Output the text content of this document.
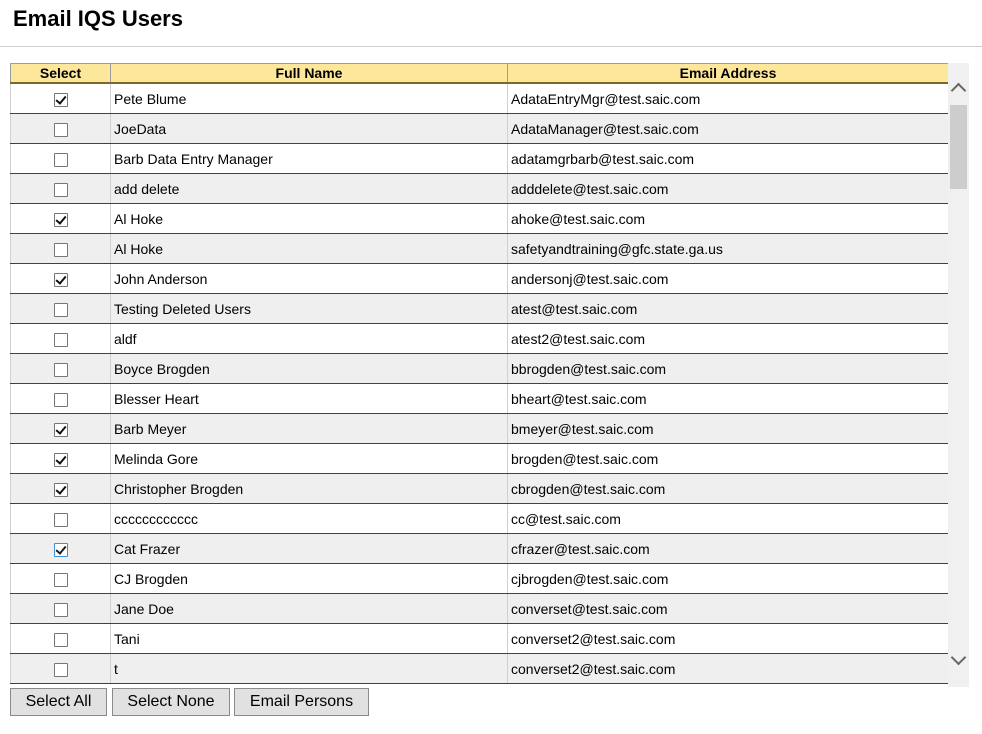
Email IQS Users
Select	Full Name	Email Address
	Pete Blume	AdataEntryMgr@test.saic.com
	JoeData	AdataManager@test.saic.com
	Barb Data Entry Manager	adatamgrbarb@test.saic.com
	add delete	adddelete@test.saic.com
	Al Hoke	ahoke@test.saic.com
	Al Hoke	safetyandtraining@gfc.state.ga.us
	John Anderson	andersonj@test.saic.com
	Testing Deleted Users	atest@test.saic.com
	aldf	atest2@test.saic.com
	Boyce Brogden	bbrogden@test.saic.com
	Blesser Heart	bheart@test.saic.com
	Barb Meyer	bmeyer@test.saic.com
	Melinda Gore	brogden@test.saic.com
	Christopher Brogden	cbrogden@test.saic.com
	cccccccccccc	cc@test.saic.com
	Cat Frazer	cfrazer@test.saic.com
	CJ Brogden	cjbrogden@test.saic.com
	Jane Doe	converset@test.saic.com
	Tani	converset2@test.saic.com
	t	converset2@test.saic.com
Select All	Select None	Email Persons
